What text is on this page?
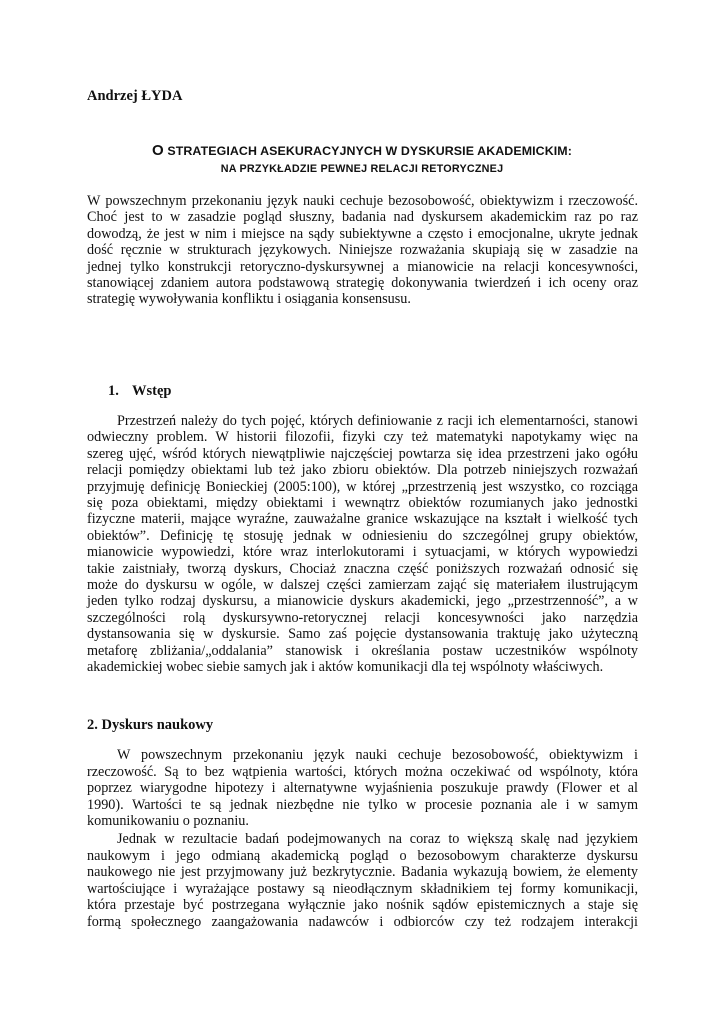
Andrzej ŁYDA
O STRATEGIACH ASEKURACYJNYCH W DYSKURSIE AKADEMICKIM:
NA PRZYKŁADZIE PEWNEJ RELACJI RETORYCZNEJ
W powszechnym przekonaniu język nauki cechuje bezosobowość, obiektywizm i rzeczowość.
Choć jest to w zasadzie pogląd słuszny, badania nad dyskursem akademickim raz po raz
dowodzą, że jest w nim i miejsce na sądy subiektywne a często i emocjonalne, ukryte jednak
dość ręcznie w strukturach językowych. Niniejsze rozważania skupiają się w zasadzie na
jednej tylko konstrukcji retoryczno-dyskursywnej a mianowicie na relacji koncesywności,
stanowiącej zdaniem autora podstawową strategię dokonywania twierdzeń i ich oceny oraz
strategię wywoływania konfliktu i osiągania konsensusu.
1. Wstęp
Przestrzeń należy do tych pojęć, których definiowanie z racji ich elementarności, stanowi
odwieczny problem. W historii filozofii, fizyki czy też matematyki napotykamy więc na
szereg ujęć, wśród których niewątpliwie najczęściej powtarza się idea przestrzeni jako ogółu
relacji pomiędzy obiektami lub też jako zbioru obiektów. Dla potrzeb niniejszych rozważań
przyjmuję definicję Bonieckiej (2005:100), w której „przestrzenią jest wszystko, co rozciąga
się poza obiektami, między obiektami i wewnątrz obiektów rozumianych jako jednostki
fizyczne materii, mające wyraźne, zauważalne granice wskazujące na kształt i wielkość tych
obiektów”. Definicję tę stosuję jednak w odniesieniu do szczególnej grupy obiektów,
mianowicie wypowiedzi, które wraz interlokutorami i sytuacjami, w których wypowiedzi
takie zaistniały, tworzą dyskurs, Chociaż znaczna część poniższych rozważań odnosić się
może do dyskursu w ogóle, w dalszej części zamierzam zająć się materiałem ilustrującym
jeden tylko rodzaj dyskursu, a mianowicie dyskurs akademicki, jego „przestrzenność”, a w
szczególności rolą dyskursywno-retorycznej relacji koncesywności jako narzędzia
dystansowania się w dyskursie. Samo zaś pojęcie dystansowania traktuję jako użyteczną
metaforę zbliżania/„oddalania” stanowisk i określania postaw uczestników wspólnoty
akademickiej wobec siebie samych jak i aktów komunikacji dla tej wspólnoty właściwych.
2. Dyskurs naukowy
W powszechnym przekonaniu język nauki cechuje bezosobowość, obiektywizm i
rzeczowość. Są to bez wątpienia wartości, których można oczekiwać od wspólnoty, która
poprzez wiarygodne hipotezy i alternatywne wyjaśnienia poszukuje prawdy (Flower et al
1990). Wartości te są jednak niezbędne nie tylko w procesie poznania ale i w samym
komunikowaniu o poznaniu.
Jednak w rezultacie badań podejmowanych na coraz to większą skalę nad językiem
naukowym i jego odmianą akademicką pogląd o bezosobowym charakterze dyskursu
naukowego nie jest przyjmowany już bezkrytycznie. Badania wykazują bowiem, że elementy
wartościujące i wyrażające postawy są nieodłącznym składnikiem tej formy komunikacji,
która przestaje być postrzegana wyłącznie jako nośnik sądów epistemicznych a staje się
formą społecznego zaangażowania nadawców i odbiorców czy też rodzajem interakcji
